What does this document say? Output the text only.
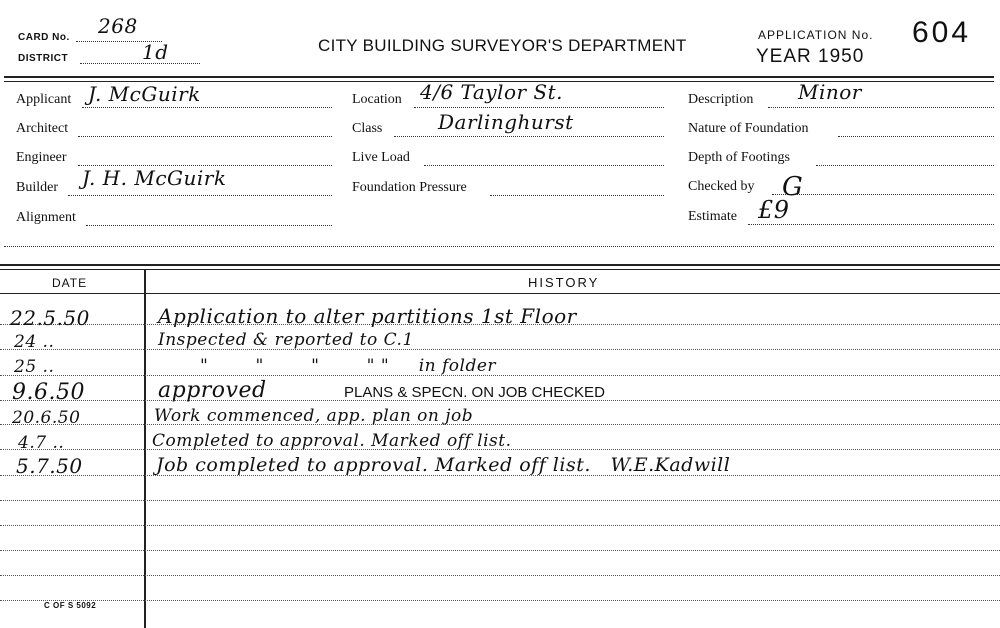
CARD No. 268
DISTRICT	1d	CITY BUILDING SURVEYOR'S DEPARTMENT
APPLICATION No. 604
YEAR 1950
Applicant J. McGuirk
Architect
Engineer
Builder J. H. McGuirk
Alignment
Location 4/6 Taylor St.
Class	Darlinghurst
Live Load
Foundation Pressure
Description Minor
Nature of Foundation
Depth of Footings
Checked by G
Estimate £9
DATE	HISTORY
22.5.50	Application to alter partitions 1st Floor
24 ..	Inspected & reported to C.1
25 ..	"        "        "        " "     in folder
9.6.50	approved	PLANS & SPECN. ON JOB CHECKED
20.6.50	Work commenced, app. plan on job
4.7 ..	Completed to approval. Marked off list.
5.7.50	Job completed to approval. Marked off list.   W.E.Kadwill
C OF S 5092
